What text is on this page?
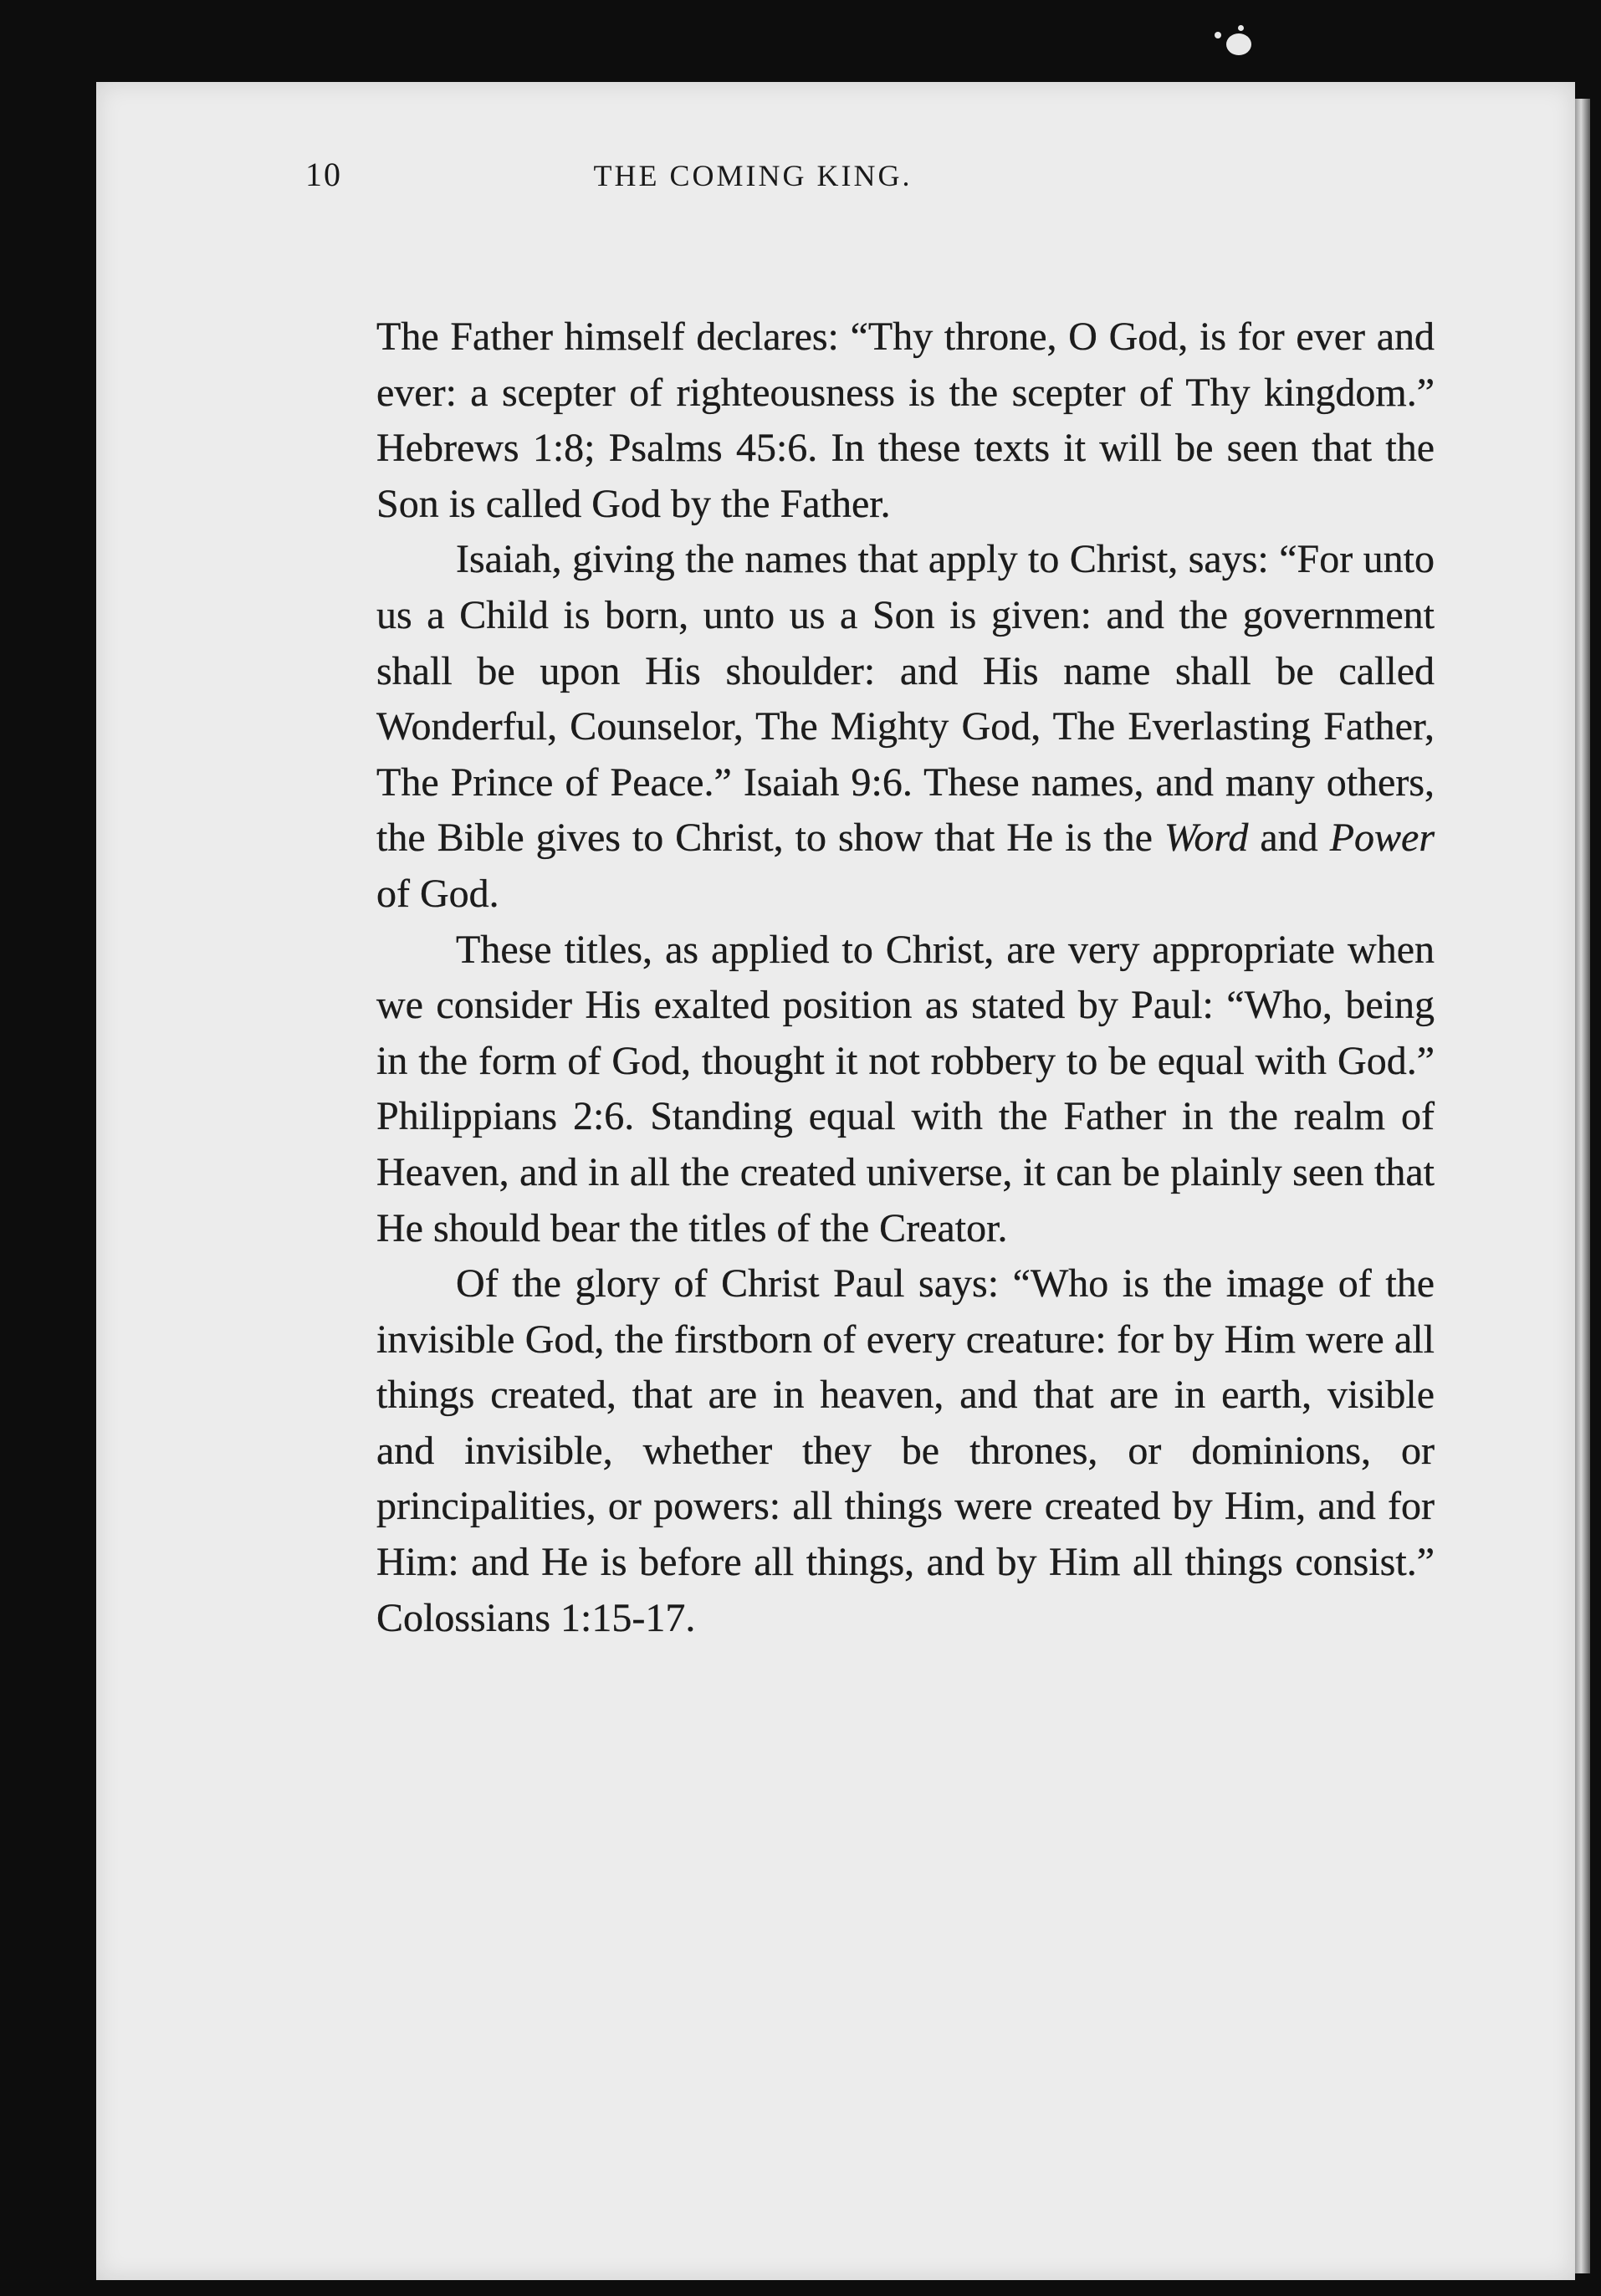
10	THE COMING KING.

The Father himself declares: “Thy throne, O God, is for ever and ever: a scepter of righteousness is the scepter of Thy kingdom.” Hebrews 1:8; Psalms 45:6. In these texts it will be seen that the Son is called God by the Father.

Isaiah, giving the names that apply to Christ, says: “For unto us a Child is born, unto us a Son is given: and the government shall be upon His shoulder: and His name shall be called Wonderful, Counselor, The Mighty God, The Everlasting Father, The Prince of Peace.” Isaiah 9:6. These names, and many others, the Bible gives to Christ, to show that He is the Word and Power of God.

These titles, as applied to Christ, are very appropriate when we consider His exalted position as stated by Paul: “Who, being in the form of God, thought it not robbery to be equal with God.” Philippians 2:6. Standing equal with the Father in the realm of Heaven, and in all the created universe, it can be plainly seen that He should bear the titles of the Creator.

Of the glory of Christ Paul says: “Who is the image of the invisible God, the firstborn of every creature: for by Him were all things created, that are in heaven, and that are in earth, visible and invisible, whether they be thrones, or dominions, or principalities, or powers: all things were created by Him, and for Him: and He is before all things, and by Him all things consist.” Colossians 1:15-17.
